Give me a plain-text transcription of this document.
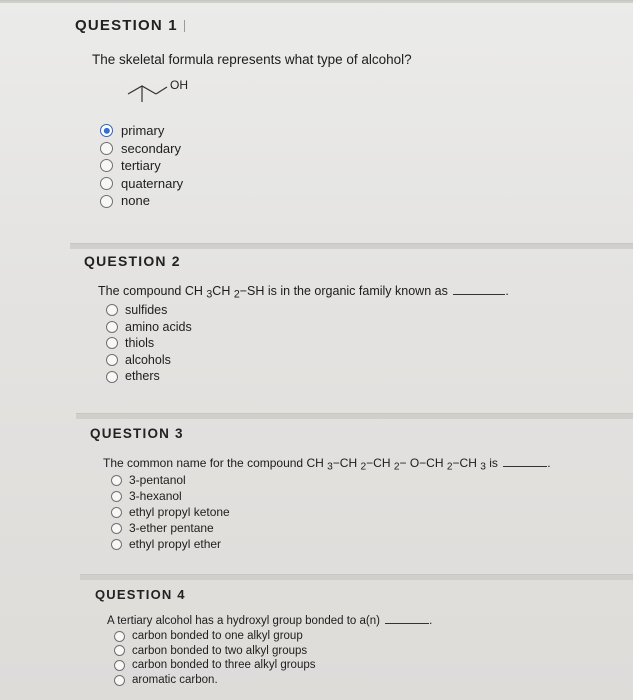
QUESTION 1
The skeletal formula represents what type of alcohol?
OH
primary
secondary
tertiary
quaternary
none
QUESTION 2
The compound CH $_3$CH $_2$−SH is in the organic family known as	.
sulfides
amino acids
thiols
alcohols
ethers
QUESTION 3
The common name for the compound CH $_3$−CH $_2$−CH $_2$− O−CH $_2$−CH $_3$ is	.
3-pentanol
3-hexanol
ethyl propyl ketone
3-ether pentane
ethyl propyl ether
QUESTION 4
A tertiary alcohol has a hydroxyl group bonded to a(n)	.
carbon bonded to one alkyl group
carbon bonded to two alkyl groups
carbon bonded to three alkyl groups
aromatic carbon.
